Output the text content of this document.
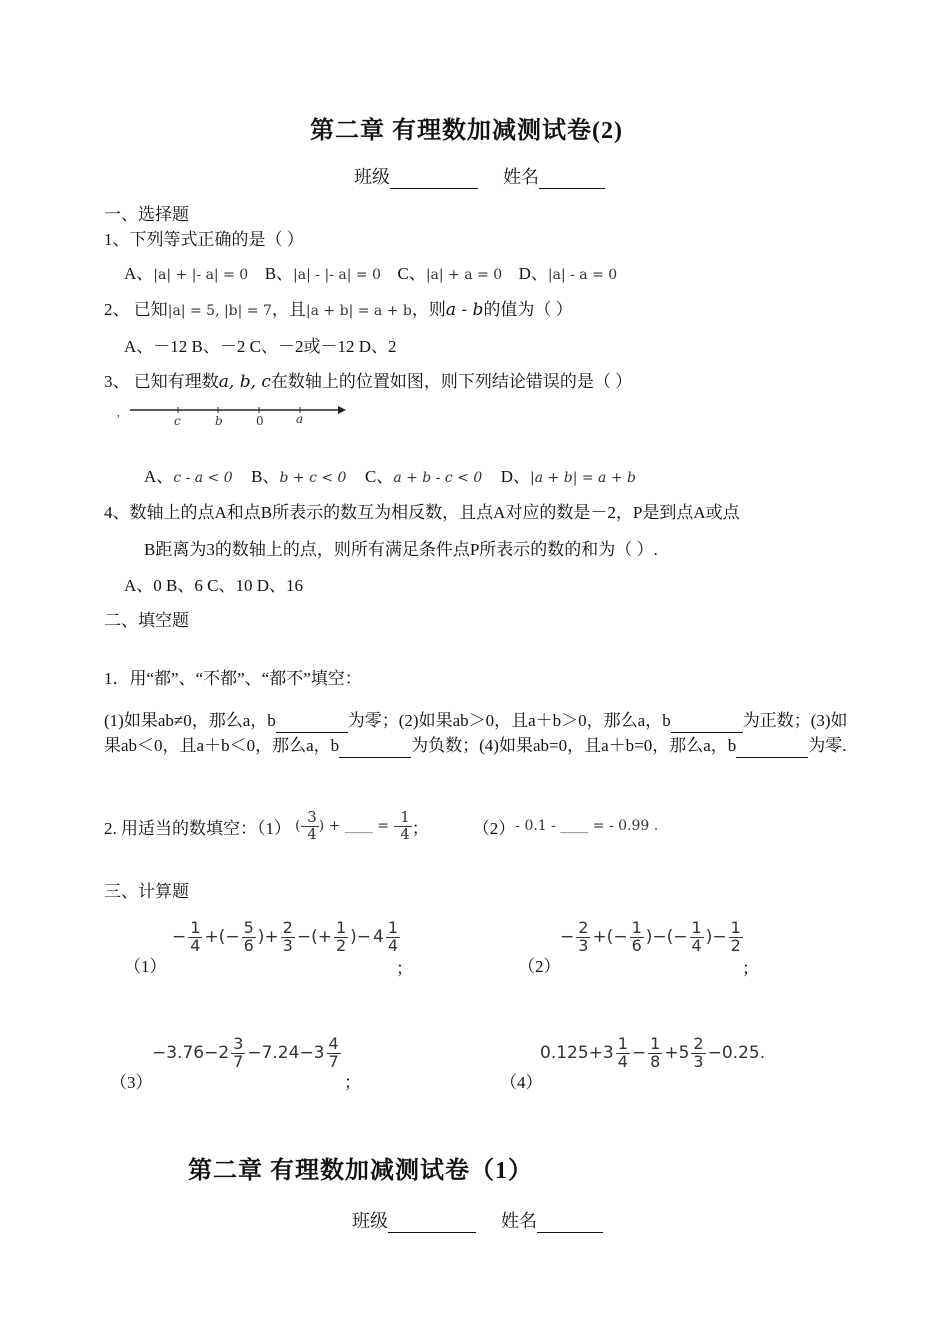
第二章 有理数加减测试卷(2)
班级	姓名
一、选择题
1、下列等式正确的是（ ）
A、|a| + |- a| = 0 B、|a| - |- a| = 0 C、|a| + a = 0 D、|a| - a = 0
2、 已知|a| = 5, |b| = 7，且|a + b| = a + b，则a - b的值为（ ）
A、－12 B、－2 C、－2或－12 D、2
3、 已知有理数a, b, c在数轴上的位置如图，则下列结论错误的是（ ）
,
c	b	0	a
A、c - a < 0 B、b + c < 0 C、a + b - c < 0 D、|a + b| = a + b
4、数轴上的点A和点B所表示的数互为相反数，且点A对应的数是－2，P是到点A或点
B距离为3的数轴上的点，则所有满足条件点P所表示的数的和为（ ）.
A、0 B、6 C、10 D、16
二、填空题
1．用“都”、“不都”、“都不”填空：
(1)如果ab≠0，那么a，b	为零；(2)如果ab＞0，且a＋b＞0，那么a，b	为正数；(3)如果ab＜0，且a＋b＜0，那么a，b	为负数；(4)如果ab=0，且a＋b=0，那么a，b	为零.
2. 用适当的数填空：（1） (- $\frac{3}{4}$ ) + ____ = - $\frac{1}{4}$ ；	（2） - 0.1 - ____ = - 0.99 .
三、计算题
（1）
− $\frac{1}{4}$ +(− $\frac{5}{6}$ )+ $\frac{2}{3}$ −(+ $\frac{1}{2}$ )− $4 \frac{1}{4}$
；	（2）
− $\frac{2}{3}$ +(− $\frac{1}{6}$ )−(− $\frac{1}{4}$ )− $\frac{1}{2}$
；
（3）
$-3.76-2 \frac{3}{7} -7.24-3 \frac{4}{7}$
；	（4）
$0.125+3 \frac{1}{4} - \frac{1}{8} +5 \frac{2}{3} -0.25$.
第二章 有理数加减测试卷（1）
班级	姓名
